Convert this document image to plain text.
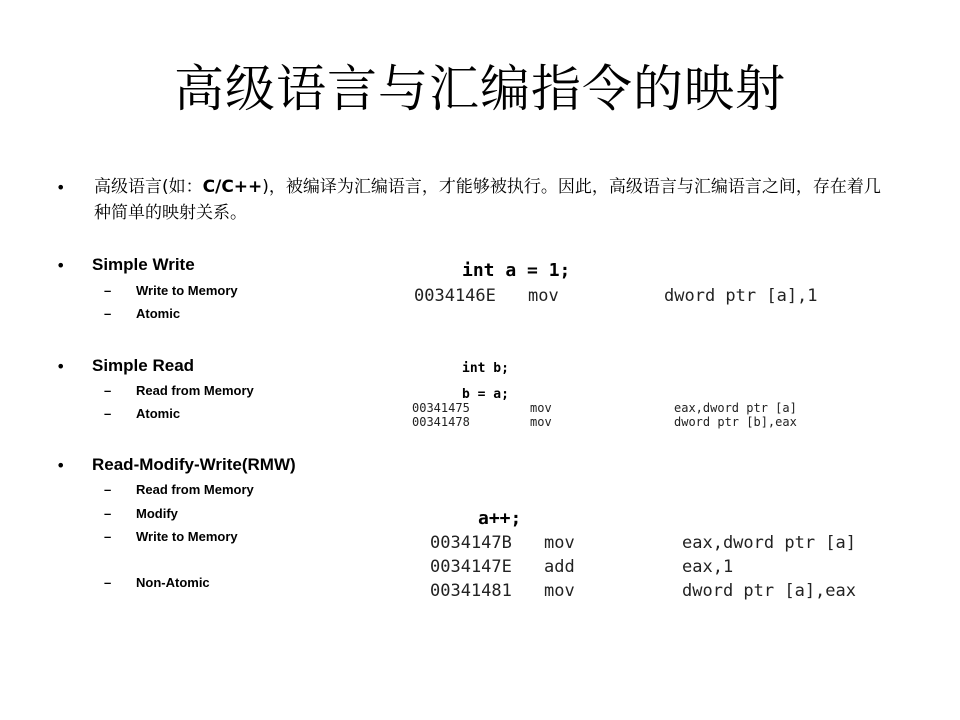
高级语言与汇编指令的映射
• 高级语言(如：C/C++)，被编译为汇编语言，才能够被执行。因此，高级语言与汇编语言之间，存在着几种简单的映射关系。
• Simple Write
– Write to Memory
– Atomic
int a = 1;
0034146E mov	dword ptr [a],1
• Simple Read
– Read from Memory
– Atomic
int b;
b = a;
00341475	mov	eax,dword ptr [a]
00341478	mov	dword ptr [b],eax
• Read-Modify-Write(RMW)
– Read from Memory
– Modify
– Write to Memory
– Non-Atomic
a++;
0034147B mov	eax,dword ptr [a]
0034147E add	eax,1
00341481 mov	dword ptr [a],eax
